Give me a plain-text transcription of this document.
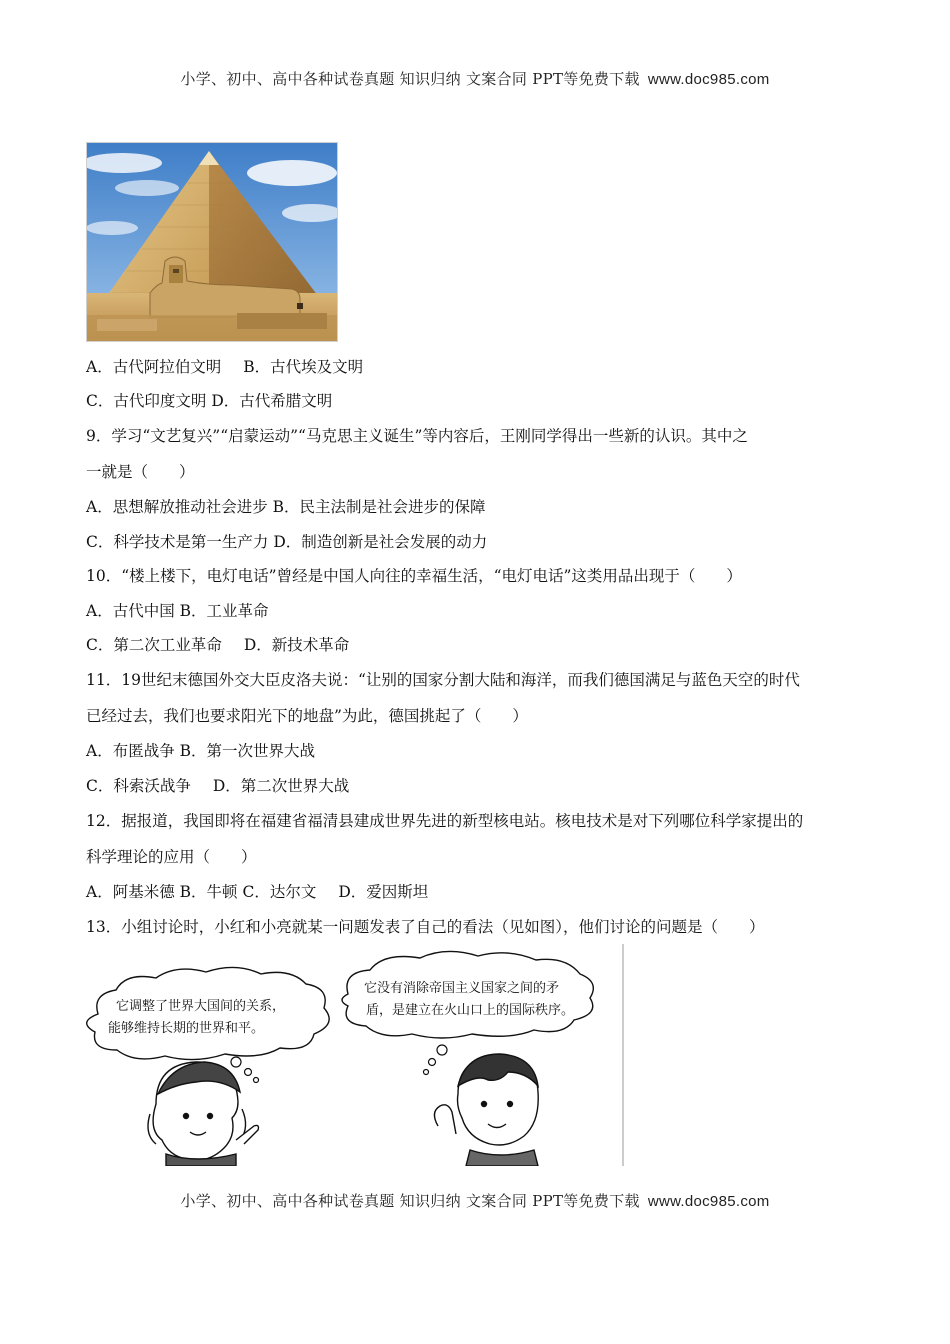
小学、初中、高中各种试卷真题 知识归纳 文案合同 PPT等免费下载 www.doc985.com
A．古代阿拉伯文明 B．古代埃及文明
C．古代印度文明 D．古代希腊文明
9．学习“文艺复兴”“启蒙运动”“马克思主义诞生”等内容后，王刚同学得出一些新的认识。其中之
一就是（　　）
A．思想解放推动社会进步 B．民主法制是社会进步的保障
C．科学技术是第一生产力 D．制造创新是社会发展的动力
10．“楼上楼下，电灯电话”曾经是中国人向往的幸福生活，“电灯电话”这类用品出现于（　　）
A．古代中国 B．工业革命
C．第二次工业革命 D．新技术革命
11．19世纪末德国外交大臣皮洛夫说：“让别的国家分割大陆和海洋，而我们德国满足与蓝色天空的时代
已经过去，我们也要求阳光下的地盘”为此，德国挑起了（　　）
A．布匿战争 B．第一次世界大战
C．科索沃战争 D．第二次世界大战
12．据报道，我国即将在福建省福清县建成世界先进的新型核电站。核电技术是对下列哪位科学家提出的
科学理论的应用（　　）
A．阿基米德 B．牛顿 C．达尔文 D．爱因斯坦
13．小组讨论时，小红和小亮就某一问题发表了自己的看法（见如图），他们讨论的问题是（　　）
它调整了世界大国间的关系，
能够维持长期的世界和平。
它没有消除帝国主义国家之间的矛
盾，是建立在火山口上的国际秩序。
小学、初中、高中各种试卷真题 知识归纳 文案合同 PPT等免费下载 www.doc985.com
